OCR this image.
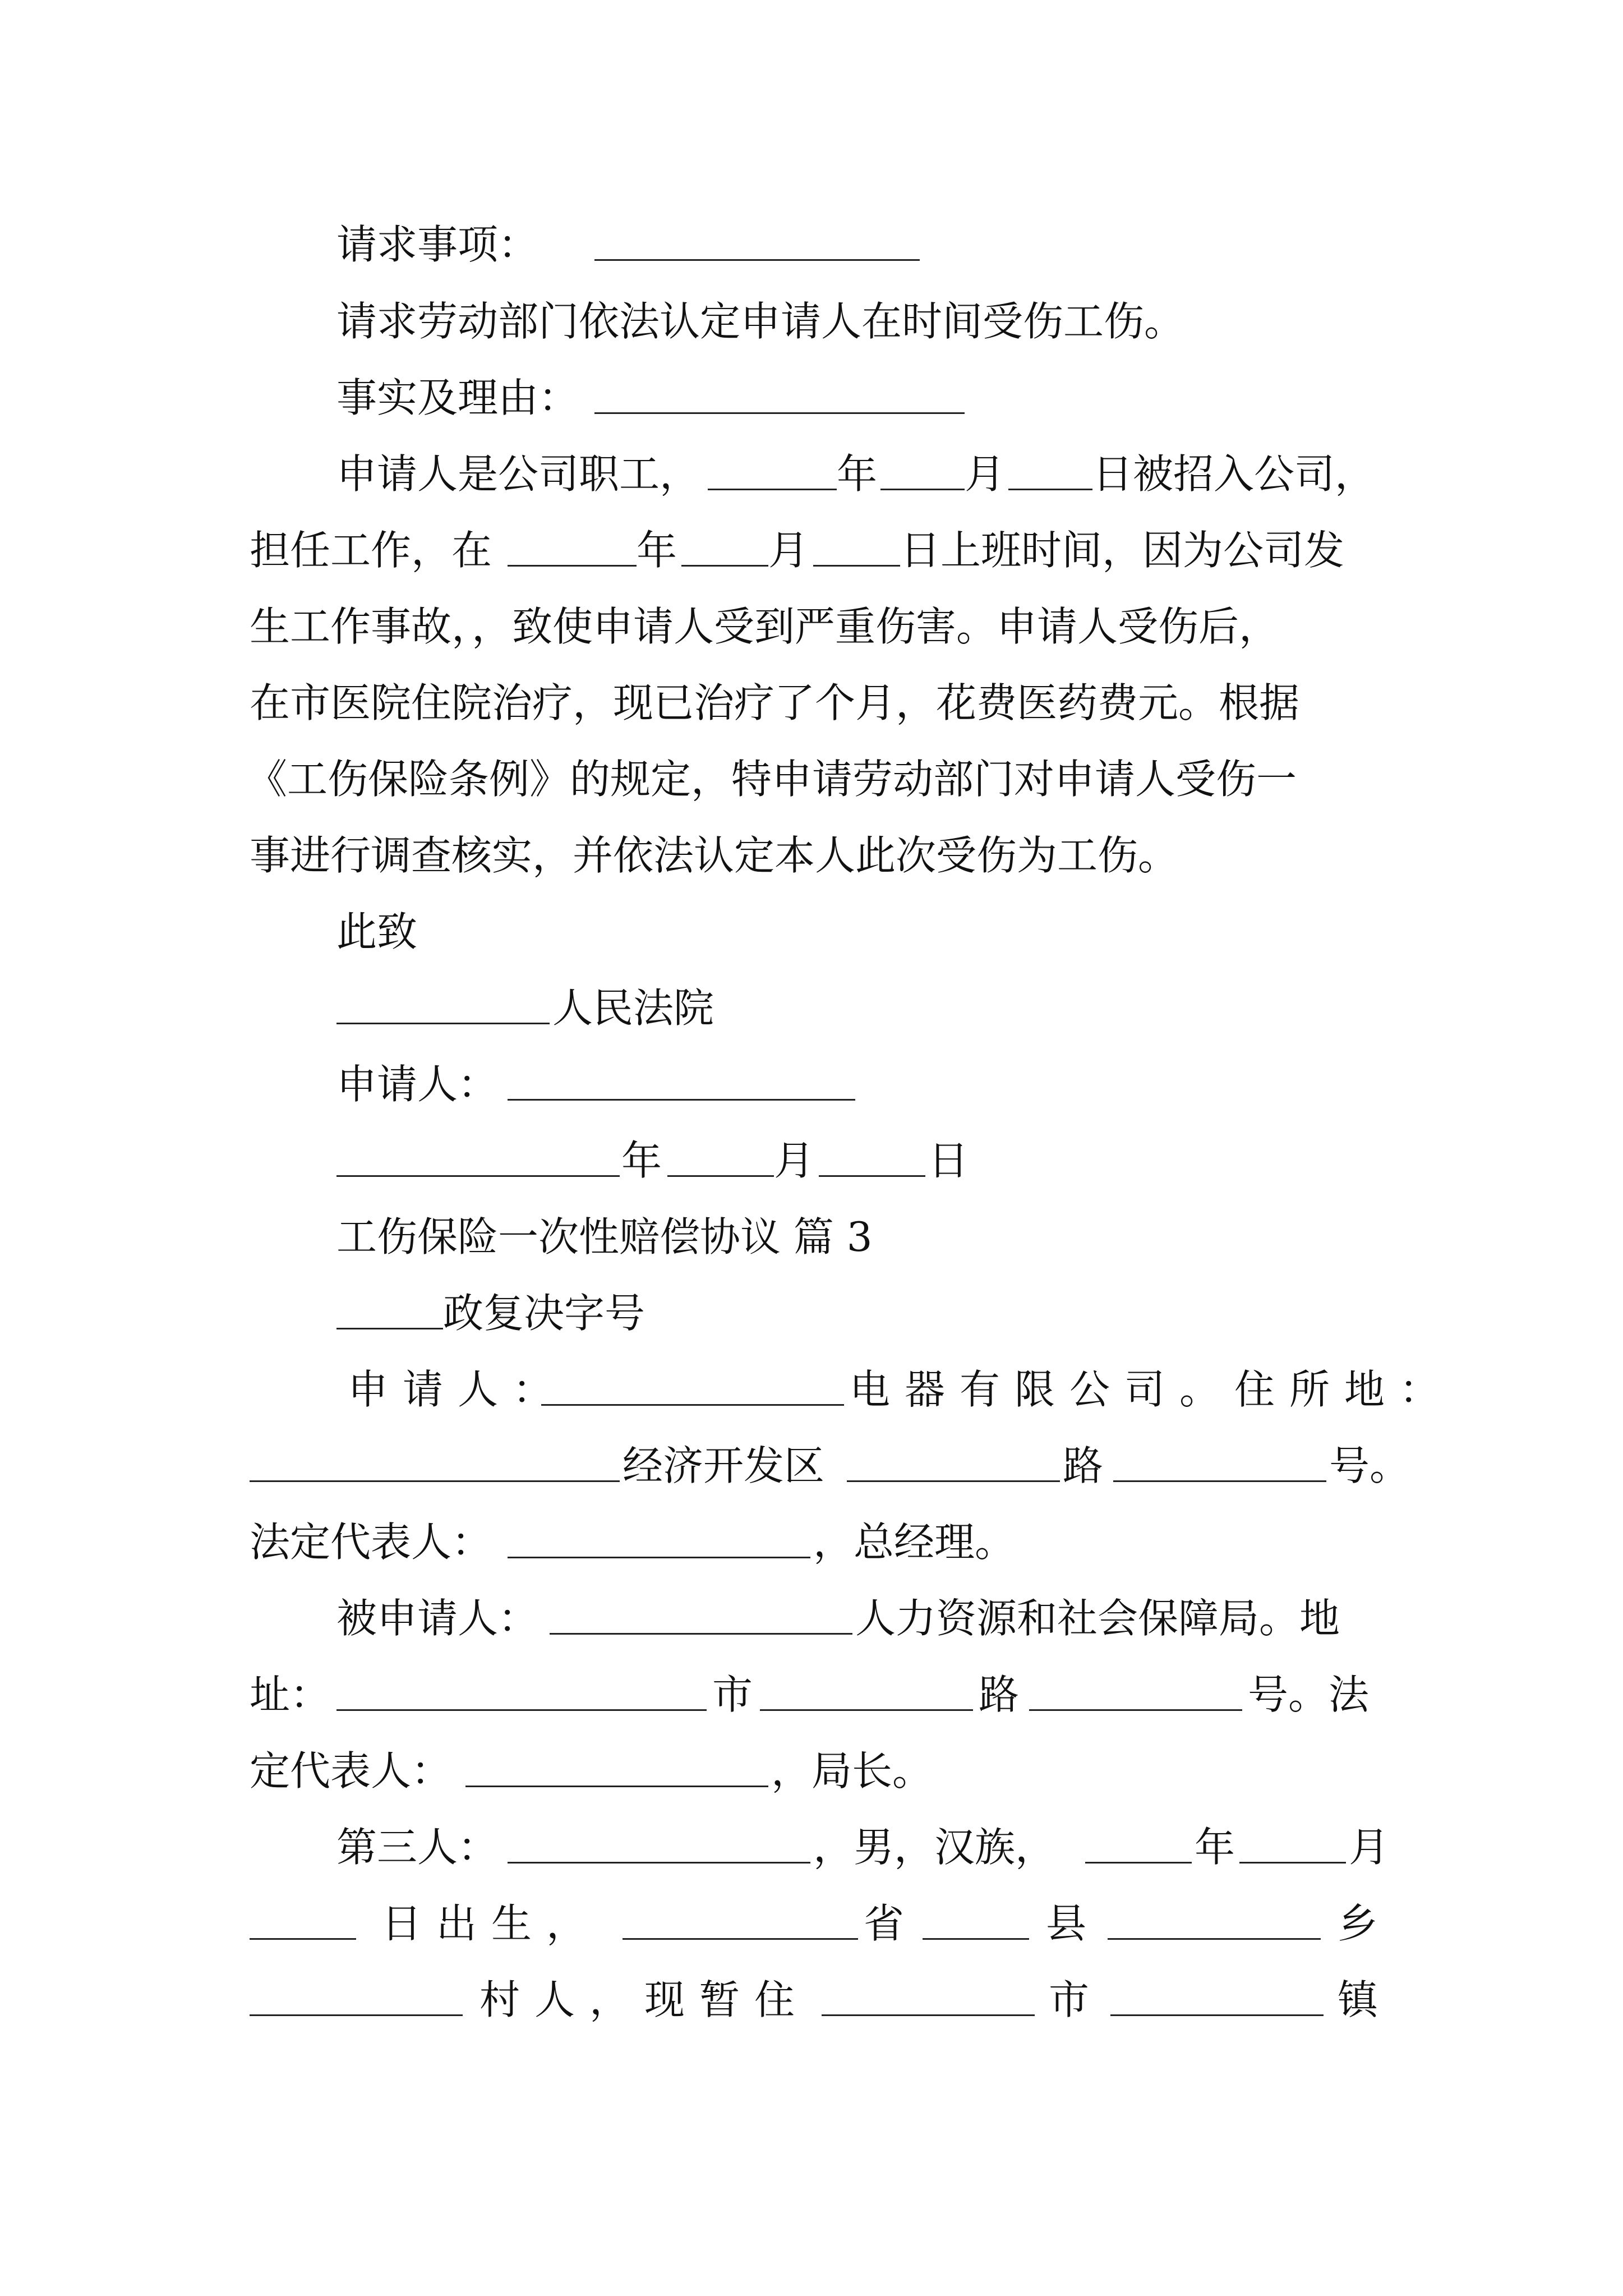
请求事项：
请求劳动部门依法认定申请人在时间受伤工伤。
事实及理由：
申请人是公司职工，	年 月 日被招入公司，
担任工作，在	年 月 日上班时间，因为公司发
生工作事故，，致使申请人受到严重伤害。申请人受伤后，
在市医院住院治疗，现已治疗了个月，花费医药费元。根据
《工伤保险条例》的规定，特申请劳动部门对申请人受伤一
事进行调查核实，并依法认定本人此次受伤为工伤。
此致
人民法院
申请人：
年	月	日
工伤保险一次性赔偿协议 篇 3
政复决字号
申请人：	电器有限公司。住所地：
经济开发区	路	号。
法定代表人：	，总经理。
被申请人：	人力资源和社会保障局。地
址：	市	路	号。法
定代表人：	，局长。
第三人：	，男，汉族，	年	月
日出生，	省	县	乡
村人，现暂住	市	镇
